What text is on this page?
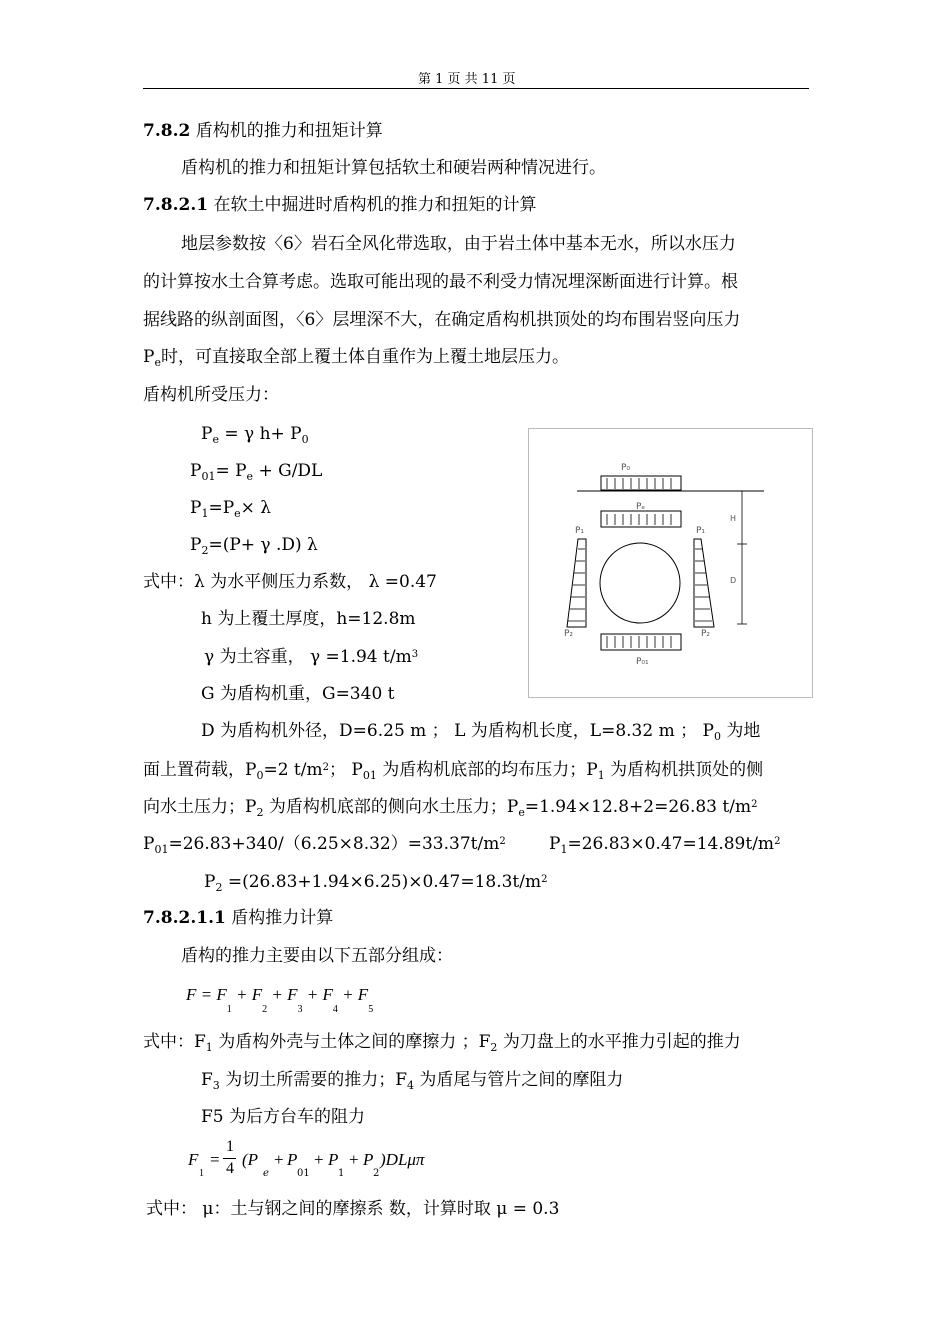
第 1 页 共 11 页
7.8.2 盾构机的推力和扭矩计算
盾构机的推力和扭矩计算包括软土和硬岩两种情况进行。
7.8.2.1 在软土中掘进时盾构机的推力和扭矩的计算
地层参数按〈6〉岩石全风化带选取，由于岩土体中基本无水，所以水压力
的计算按水土合算考虑。选取可能出现的最不利受力情况埋深断面进行计算。根
据线路的纵剖面图，〈6〉层埋深不大，在确定盾构机拱顶处的均布围岩竖向压力
$P_e$时，可直接取全部上覆土体自重作为上覆土地层压力。
盾构机所受压力：
$P_e = \gamma$ $h+ P_0$
$P_{01}= P_e + G/DL$
$P_1=P_e\times \lambda$
$P_2=(P+ \gamma$ .D) λ
式中：λ 为水平侧压力系数， λ =0.47
h 为上覆土厚度，h=12.8m
γ 为土容重， γ =1.94 $t/m^3$
G 为盾构机重，G=340 t
D 为盾构机外径，D=6.25 m ； L 为盾构机长度，L=8.32 m ； $P_0$ 为地
面上置荷载，$P_0=2$ $t/m^2$； $P_{01}$ 为盾构机底部的均布压力；$P_1$ 为盾构机拱顶处的侧
向水土压力；$P_2$ 为盾构机底部的侧向水土压力；$P_e=1.94\times 12.8+2=26.83$ $t/m^2$
$P_{01}=26.83+340/(6.25\times 8.32)=33.37t/m^2$	$P_1=26.83\times 0.47=14.89t/m^2$
$P_2 =(26.83+1.94\times 6.25)\times 0.47=18.3t/m^2$
7.8.2.1.1 盾构推力计算
盾构的推力主要由以下五部分组成：
$F = F_1 + F_2 + F_3 + F_4 + F_5$
式中：$F_1$ 为盾构外壳与土体之间的摩擦力 ；$F_2$ 为刀盘上的水平推力引起的推力
$F_3$ 为切土所需要的推力；$F_4$ 为盾尾与管片之间的摩阻力
F5 为后方台车的阻力
F
1
=
1
4 (P
e
+ P
01
+ P
1
+ P
2
)DLμπ
式中： μ：土与钢之间的摩擦系 数，计算时取 μ = 0.3
P₀
Pₑ
P₁	P₁
P₂	P₂
P₀₁
H
D
